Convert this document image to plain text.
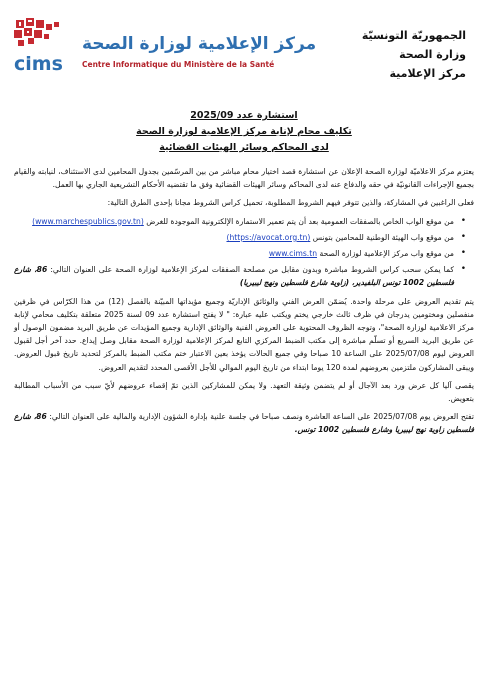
cims
مركز الإعلامية لوزارة الصحة
Centre Informatique du Ministère de la Santé
الجمهوريّة التونسيّة
وزارة الصحة
مركز الإعلامية
استشارة عدد 2025/09
تكليف محام لإنابة مركز الإعلامية لوزارة الصحة
لدى المحاكم وسائر الهيئات القضائية

يعتزم مركز الاعلاميّة لوزارة الصحة الإعلان عن استشارة قصد اختيار محام مباشر من بين المرسّمين بجدول المحامين لدى الاستئناف، لنيابته والقيام بجميع الإجراءات القانونيّة في حقه والدفاع عنه لدى المحاكم وسائر الهيئات القضائية وفق ما تقتضيه الأحكام التشريعية الجاري بها العمل.

فعلى الراغبين في المشاركة، والذين تتوفر فيهم الشروط المطلوبة، تحميل كراس الشروط مجانا بإحدى الطرق التالية:

•
من موقع الواب الخاص بالصفقات العمومية بعد أن يتم تعمير الاستمارة الإلكترونية الموجودة للغرض (www.marchespublics.gov.tn)
•
من موقع واب الهيئة الوطنية للمحامين بتونس (https://avocat.org.tn)
•
من موقع واب مركز الإعلامية لوزارة الصحة www.cims.tn
•
كما يمكن سحب كراس الشروط مباشرة وبدون مقابل من مصلحة الصفقات لمركز الإعلامية لوزارة الصحة على العنوان التالي: 86، شارع فلسطين 1002 تونس البلفيدير، (زاوية شارع فلسطين ونهج ليبيريا)

يتم تقديم العروض على مرحلة واحدة. يُضمّن العرض الفني والوثائق الإداريّة وجميع مؤيداتها المبيّنة بالفصل (12) من هذا الكرّاس في ظرفين منفصلين ومختومين يدرجان في ظرف ثالث خارجي يختم ويكتب عليه عبارة: " لا يفتح استشارة عدد 09 لسنة 2025 متعلقة بتكليف محامي لإنابة مركز الاعلامية لوزارة الصحة"، وتوجه الظروف المحتوية على العروض الفنية والوثائق الإدارية وجميع المؤيدات عن طريق البريد مضمون الوصول أو عن طريق البريد السريع أو تسلّم مباشرة إلى مكتب الضبط المركزي التابع لمركز الإعلامية لوزارة الصحة مقابل وصل إيداع. حدد آخر أجل لقبول العروض ليوم 2025/07/08 على الساعة 10 صباحا وفي جميع الحالات يؤخذ بعين الاعتبار ختم مكتب الضبط بالمركز لتحديد تاريخ قبول العروض. ويبقى المشاركون ملتزمين بعروضهم لمدة 120 يوما ابتداء من تاريخ اليوم الموالي للأجل الأقصى المحدد لتقديم العروض.

يقصى آليا كل عرض ورد بعد الآجال أو لم يتضمن وثيقة التعهد. ولا يمكن للمشاركين الذين تمّ إقصاء عروضهم لأيّ سبب من الأسباب المطالبة بتعويض.

تفتح العروض يوم 2025/07/08 على الساعة العاشرة ونصف صباحا في جلسة علنية بإدارة الشؤون الإدارية والمالية على العنوان التالي: 86، شارع فلسطين زاوية نهج ليبيريا وشارع فلسطين 1002 تونس.
